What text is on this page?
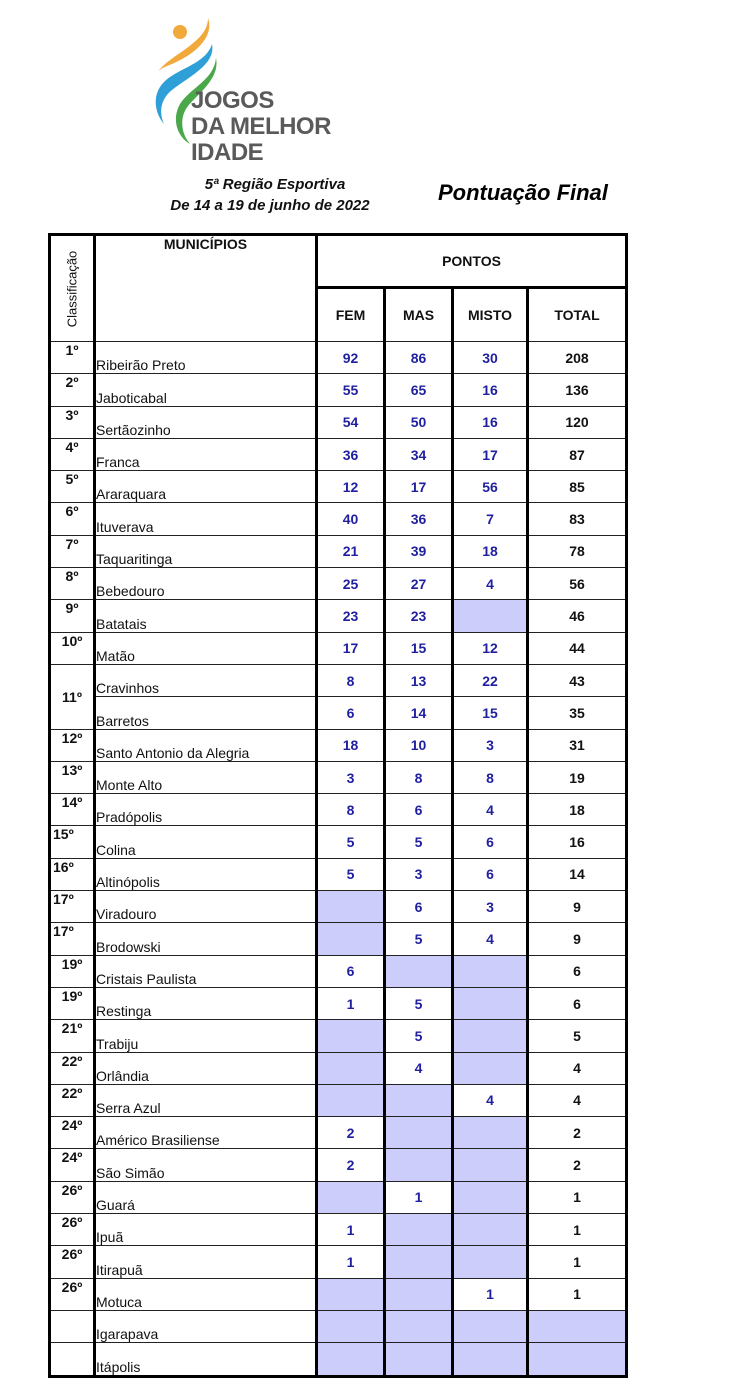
JOGOS
DA MELHOR
IDADE
5ª Região Esportiva
De 14 a 19 de junho de 2022
Pontuação Final
Classificação	MUNICÍPIOS	PONTOS			
		FEM	MAS	MISTO	TOTAL
1º	Ribeirão Preto	92	86	30	208
2º	Jaboticabal	55	65	16	136
3º	Sertãozinho	54	50	16	120
4º	Franca	36	34	17	87
5º	Araraquara	12	17	56	85
6º	Ituverava	40	36	7	83
7º	Taquaritinga	21	39	18	78
8º	Bebedouro	25	27	4	56
9º	Batatais	23	23		46
10º	Matão	17	15	12	44
11º	Cravinhos	8	13	22	43
	Barretos	6	14	15	35
12º	Santo Antonio da Alegria	18	10	3	31
13º	Monte Alto	3	8	8	19
14º	Pradópolis	8	6	4	18
15º	Colina	5	5	6	16
16º	Altinópolis	5	3	6	14
17º	Viradouro		6	3	9
17º	Brodowski		5	4	9
19º	Cristais Paulista	6			6
19º	Restinga	1	5		6
21º	Trabiju		5		5
22º	Orlândia		4		4
22º	Serra Azul			4	4
24º	Américo Brasiliense	2			2
24º	São Simão	2			2
26º	Guará		1		1
26º	Ipuã	1			1
26º	Itirapuã	1			1
26º	Motuca			1	1
	Igarapava				
	Itápolis				
